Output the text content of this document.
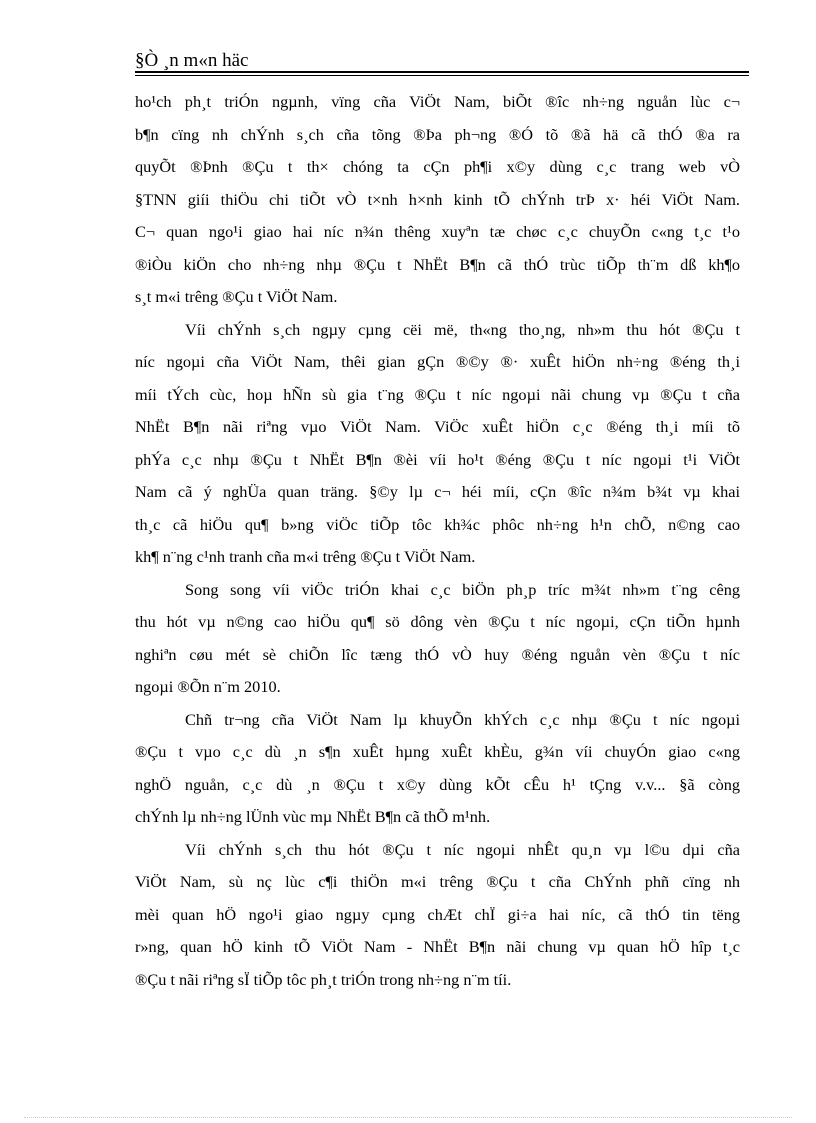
§Ò ¸n m«n häc
ho¹ch ph¸t triÓn ngµnh, vïng cña ViÖt Nam, biÕt ®îc nh÷ng nguån lùc c¬
b¶n cïng nh chÝnh s¸ch cña tõng ®Þa ph¬ng ®Ó tõ ®ã hä cã thÓ ®a ra
quyÕt ®Þnh ®Çu t th× chóng ta cÇn ph¶i x©y dùng c¸c trang web vÒ
§TNN giíi thiÖu chi tiÕt vÒ t×nh h×nh kinh tÕ chÝnh trÞ x· héi ViÖt Nam.
C¬ quan ngo¹i giao hai níc n¾n thêng xuyªn tæ chøc c¸c chuyÕn c«ng t¸c t¹o
®iÒu kiÖn cho nh÷ng nhµ ®Çu t NhËt B¶n cã thÓ trùc tiÕp th¨m dß kh¶o
s¸t m«i trêng ®Çu t ViÖt Nam.
Víi chÝnh s¸ch ngµy cµng cëi më, th«ng tho¸ng, nh»m thu hót ®Çu t
níc ngoµi cña ViÖt Nam, thêi gian gÇn ®©y ®· xuÊt hiÖn nh÷ng ®éng th¸i
míi tÝch cùc, hoµ hÑn sù gia t¨ng ®Çu t níc ngoµi nãi chung vµ ®Çu t cña
NhËt B¶n nãi riªng vµo ViÖt Nam. ViÖc xuÊt hiÖn c¸c ®éng th¸i míi tõ
phÝa c¸c nhµ ®Çu t NhËt B¶n ®èi víi ho¹t ®éng ®Çu t níc ngoµi t¹i ViÖt
Nam cã ý nghÜa quan träng. §©y lµ c¬ héi míi, cÇn ®îc n¾m b¾t vµ khai
th¸c cã hiÖu qu¶ b»ng viÖc tiÕp tôc kh¾c phôc nh÷ng h¹n chÕ, n©ng cao
kh¶ n¨ng c¹nh tranh cña m«i trêng ®Çu t ViÖt Nam.
Song song víi viÖc triÓn khai c¸c biÖn ph¸p tríc m¾t nh»m t¨ng cêng
thu hót vµ n©ng cao hiÖu qu¶ sö dông vèn ®Çu t níc ngoµi, cÇn tiÕn hµnh
nghiªn cøu mét sè chiÕn lîc tæng thÓ vÒ huy ®éng nguån vèn ®Çu t níc
ngoµi ®Õn n¨m 2010.
Chñ tr¬ng cña ViÖt Nam lµ khuyÕn khÝch c¸c nhµ ®Çu t níc ngoµi
®Çu t vµo c¸c dù ¸n s¶n xuÊt hµng xuÊt khÈu, g¾n víi chuyÓn giao c«ng
nghÖ nguån, c¸c dù ¸n ®Çu t x©y dùng kÕt cÊu h¹ tÇng v.v... §ã còng
chÝnh lµ nh÷ng lÜnh vùc mµ NhËt B¶n cã thÕ m¹nh.
Víi chÝnh s¸ch thu hót ®Çu t níc ngoµi nhÊt qu¸n vµ l©u dµi cña
ViÖt Nam, sù nç lùc c¶i thiÖn m«i trêng ®Çu t cña ChÝnh phñ cïng nh
mèi quan hÖ ngo¹i giao ngµy cµng chÆt chÏ gi÷a hai níc, cã thÓ tin tëng
r»ng, quan hÖ kinh tÕ ViÖt Nam - NhËt B¶n nãi chung vµ quan hÖ hîp t¸c
®Çu t nãi riªng sÏ tiÕp tôc ph¸t triÓn trong nh÷ng n¨m tíi.
